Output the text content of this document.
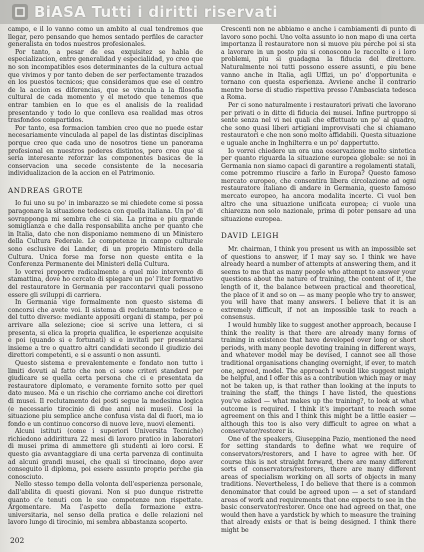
BiASA Tutti i diritti riservati

campo, e il lo vanno como un ambito al cual tendremos que llegar, pero pensando que hemos sentado perfiles de caracter generalista en todos nuestros profesionales.

Por tanto, a pesar de esa exquisitez se habla de especializacion, entre generalidad y especialidad, yo creo que no son incompatibles esos determinantes de la cultura actual que vivimos y por tanto deben de ser perfectamente trazados en los puestos tecnicos; que consideramos que ese el centro de la accion es diferencias, que se vincula a la filosofia cultural de cada momento y el metodo que tenemos que entrar tambien en lo que es el analisis de la realidad presentando y todo lo que conlleva esa realidad mas otros trasfondos compartidos.

Por tanto, esa formacion tambien creo que no puede estar necesariamente vinculada al papel de las distintas disciplinas porque creo que cada uno de nosotros tiene un panorama profesional en nuestros poderes distintos, pero creo que si seria interesante reforzar las componentes basicas de la conservacion una secede consistente de la necesaria individualizacion de la accion en el Patrimonio.

ANDREAS GROTE

Io fui uno su po' in imbarazzo se mi chiedete come si possa paragonare la situazione tedesca con quella italiana. Un po' di sovrapponga mi sembra che ci sia. La prima e piu grande somiglianza e che dalla responsabilita anche per quanto che in Italia, dato che non disponiamo nemmeno di un Ministero della Cultura Federale. Le competenze in campo culturale sono esclusive dei Lander, di un proprio Ministero della Cultura. Unica forse ma forse non queste entita e la Conferenza Permanente dei Ministeri della Cultura.

Io vorrei proporre radicalmente a quel mio intervento di stamattina, dove ho cercato di spiegare un po' l'iter formativo del restauratore in Germania per raccontarvi quali possono essere gli sviluppi di carriera.

In Germania vige formalmente non questo sistema di concorsi che avete voi. Il sistema di reclutamento tedesco e del tutto diverso: mediante appositi organi di stampa, per poi arrivare alla selezione; cioe si scrive una lettera, ci si presenta, si elica la propria qualifica, le esperienze acquisite e poi (quando si e fortunati) si e invitati per presentarsi insieme a tre o quattro altri candidati secondo il giudizio dei direttori competenti, e si e assunti o non assunti.

Questo sistema e prevalentemente e fondato non tutto i limiti dovuti al fatto che non ci sono criteri standard per giudicare se quella certa persona che ci e presentata da restauratore diplomato, e veramente fornito sotto per quel dato museo. Ma e un rischio che corriamo anche coi direttori di musei. Il reclutamento dei posti segue la medesima logica (e necessario tirocinio di due anni nei musei). Cosi la situazione piu semplice anche confusa vista dal di fuori, ma io fondo e un continuo concorso di nuove leve, nuovi elementi.

Alcuni istituti (come i superiori Universita Tecniche) richiedono addirittura 22 mesi di lavoro pratico in laboratori di musei prima di ammettere gli studenti ai loro corsi. E questo gia avvantaggiare di una certa parvenza di continuita ad alcuni grandi musei, che quali si tirocinano, dopo aver conseguito il diploma, poi essere assunto proprio perche gia conosciuto.

Nello stesso tempo della volonta dell'esperienza personale, dall'abilita di questi giovani. Non si puo dunque ristrette quanto c'e tenuti con le sue competenze non rispettate. Argomentare. Ma l'aspetto della formazione extra-universitaria, nel senso della pratica e delle relazioni nel lavoro lungo di tirocinio, mi sembra abbastanza scoperto.

Crescenti non ne abbiamo e anche i cambiamenti di punto di lavoro sono pochi. Uno volta assunto io non mapo di una certa importanza il restauratore non si muove piu perche poi si sta a lavorare in un posto piu si conoscono le raccolte e i loro problemi, piu si guadagna la fiducia del direttore. Naturalmente noi tutti possono essere assunti, e piu bene vanno anche in Italia, agli Uffizi, un po' d'opportunita e tornano con questa esperienza. Avviene anche il contrario mentre borse di studio rispettiva presso l'Ambasciata tedesca a Roma.

Per ci sono naturalmente i restauratori privati che lavorano per privati o in ditte di fiducia dei musei. Infine purtroppo si sente senza nel vi nei quali che effettuato un po' al quadro, che sono quasi liberi artigiani improvvisati che si chiamano restauratori e che non sono molto affidabili. Questa situazione e uguale anche in Inghilterra e un po' dappertutto.

Io vorrei chiedere un ora una osservazione molto sintetica per quanto riguarda la situazione europea globale: se noi in Germania non siamo capaci di garantire a regolamenti statali, come potremmo riuscire a farlo in Europa? Questo famoso mercato europeo, che consentira libera circolazione ad ogni restauratore italiano di andare in Germania, questo famoso mercato europeo, ha ancora modalita incerte. Ci vuol ben altro che una situazione unificata europea; ci vuole una chiarezza non solo nazionale, prima di poter pensare ad una situazione europea.

DAVID LEIGH

Mr. chairman, I think you present us with an impossible set of questions to answer, if I may say so. I think we have already heard a number of attempts at answering them, and it seems to me that as many people who attempt to answer your questions about the nature of training, the content of it, the length of it, the balance between practical and theoretical, the place of it and so on — as many people who try to answer, you will have that many answers. I believe that it is an extremely difficult, if not an impossible task to reach a consensus.

I would humbly like to suggest another approach, because I think the reality is that there are already many forms of training in existence that have developed over long or short periods, with many people devoting training in different ways, and whatever model may be devised, I cannot see all those traditional organisations changing overnight, if ever, to match one, agreed, model. The approach I would like suggest might be helpful, and I offer this as a contribution which may or may not be taken up, is that rather than looking at the inputs to training the staff, the things I have listed, the questions you've asked — what makes up the training?, to look at what outcome is required. I think it's important to reach some agreement on this and I think this might be a little easier — although this too is also very difficult to agree on what a conservator/restorer is.

One of the speakers, Giuseppina Pazio, mentioned the need for setting standards to define what we require of conservators/restorers, and I have to agree with her. Of course this is not straight forward, there are many different sorts of conservators/restorers, there are many different areas of specialism working on all sorts of objects in many traditions. Nevertheless, I do believe that there is a common denominator that could be agreed upon — a set of standard areas of work and requirements that one expects to see in the basic conservator/restorer. Once one had agreed on that, one would then have a yardstick by which to measure the training that already exists or that is being designed. I think there might be

202
